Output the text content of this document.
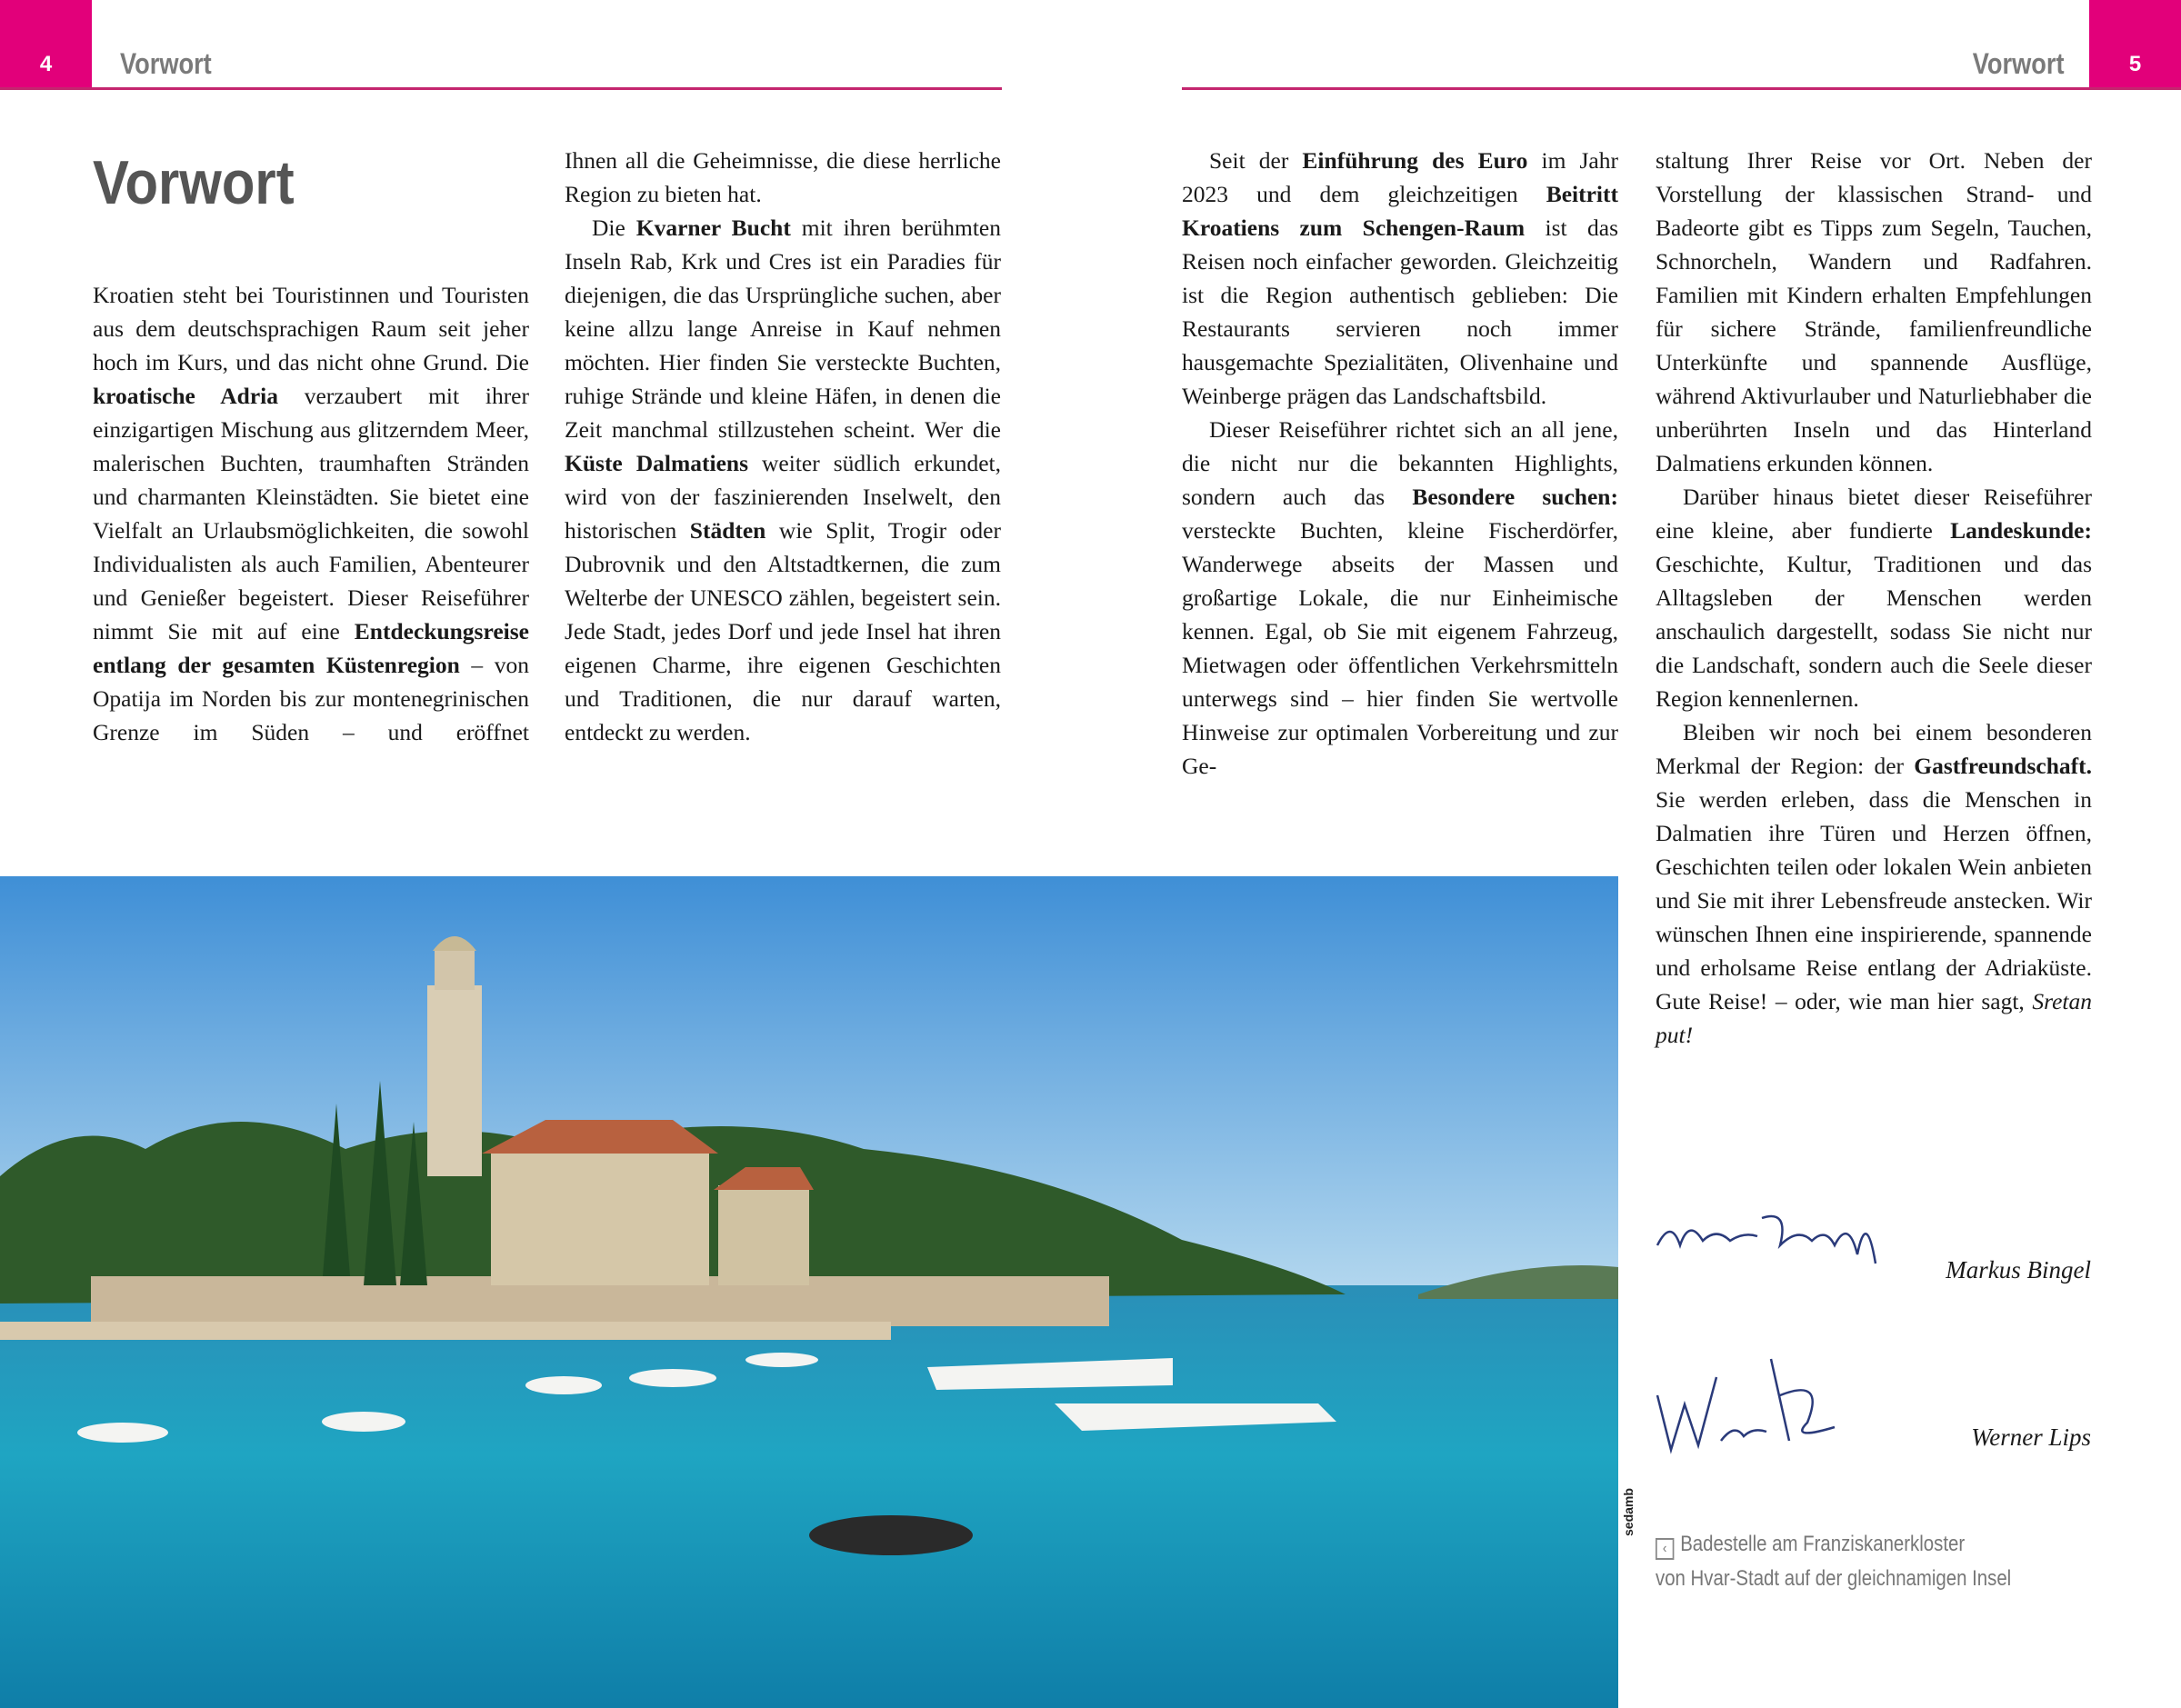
4	Vorwort	5
Vorwort
Vorwort

Kroatien steht bei Touristinnen und Touristen aus dem deutschsprachigen Raum seit jeher hoch im Kurs, und das nicht ohne Grund. Die kroatische Adria verzaubert mit ihrer einzigartigen Mischung aus glitzerndem Meer, malerischen Buchten, traumhaften Stränden und charmanten Kleinstädten. Sie bietet eine Vielfalt an Urlaubsmöglichkeiten, die sowohl Individualisten als auch Familien, Abenteurer und Genießer begeistert. Dieser Reiseführer nimmt Sie mit auf eine Entdeckungsreise entlang der gesamten Küstenregion – von Opatija im Norden bis zur montenegrinischen Grenze im Süden – und eröffnet

Ihnen all die Geheimnisse, die diese herrliche Region zu bieten hat.

Die Kvarner Bucht mit ihren berühmten Inseln Rab, Krk und Cres ist ein Paradies für diejenigen, die das Ursprüngliche suchen, aber keine allzu lange Anreise in Kauf nehmen möchten. Hier finden Sie versteckte Buchten, ruhige Strände und kleine Häfen, in denen die Zeit manchmal stillzustehen scheint. Wer die Küste Dalmatiens weiter südlich erkundet, wird von der faszinierenden Inselwelt, den historischen Städten wie Split, Trogir oder Dubrovnik und den Altstadtkernen, die zum Welterbe der UNESCO zählen, begeistert sein. Jede Stadt, jedes Dorf und jede Insel hat ihren eigenen Charme, ihre eigenen Geschichten und Traditionen, die nur darauf warten, entdeckt zu werden.

Seit der Einführung des Euro im Jahr 2023 und dem gleichzeitigen Beitritt Kroatiens zum Schengen-Raum ist das Reisen noch einfacher geworden. Gleichzeitig ist die Region authentisch geblieben: Die Restaurants servieren noch immer hausgemachte Spezialitäten, Olivenhaine und Weinberge prägen das Landschaftsbild.

Dieser Reiseführer richtet sich an all jene, die nicht nur die bekannten Highlights, sondern auch das Besondere suchen: versteckte Buchten, kleine Fischerdörfer, Wanderwege abseits der Massen und großartige Lokale, die nur Einheimische kennen. Egal, ob Sie mit eigenem Fahrzeug, Mietwagen oder öffentlichen Verkehrsmitteln unterwegs sind – hier finden Sie wertvolle Hinweise zur optimalen Vorbereitung und zur Ge-

staltung Ihrer Reise vor Ort. Neben der Vorstellung der klassischen Strand- und Badeorte gibt es Tipps zum Segeln, Tauchen, Schnorcheln, Wandern und Radfahren. Familien mit Kindern erhalten Empfehlungen für sichere Strände, familienfreundliche Unterkünfte und spannende Ausflüge, während Aktivurlauber und Naturliebhaber die unberührten Inseln und das Hinterland Dalmatiens erkunden können.

Darüber hinaus bietet dieser Reiseführer eine kleine, aber fundierte Landeskunde: Geschichte, Kultur, Traditionen und das Alltagsleben der Menschen werden anschaulich dargestellt, sodass Sie nicht nur die Landschaft, sondern auch die Seele dieser Region kennenlernen.

Bleiben wir noch bei einem besonderen Merkmal der Region: der Gastfreundschaft. Sie werden erleben, dass die Menschen in Dalmatien ihre Türen und Herzen öffnen, Geschichten teilen oder lokalen Wein anbieten und Sie mit ihrer Lebensfreude anstecken. Wir wünschen Ihnen eine inspirierende, spannende und erholsame Reise entlang der Adriaküste. Gute Reise! – oder, wie man hier sagt, Sretan put!

sedamb
Markus Bingel
Werner Lips
‹ Badestelle am Franziskanerkloster
von Hvar-Stadt auf der gleichnamigen Insel
